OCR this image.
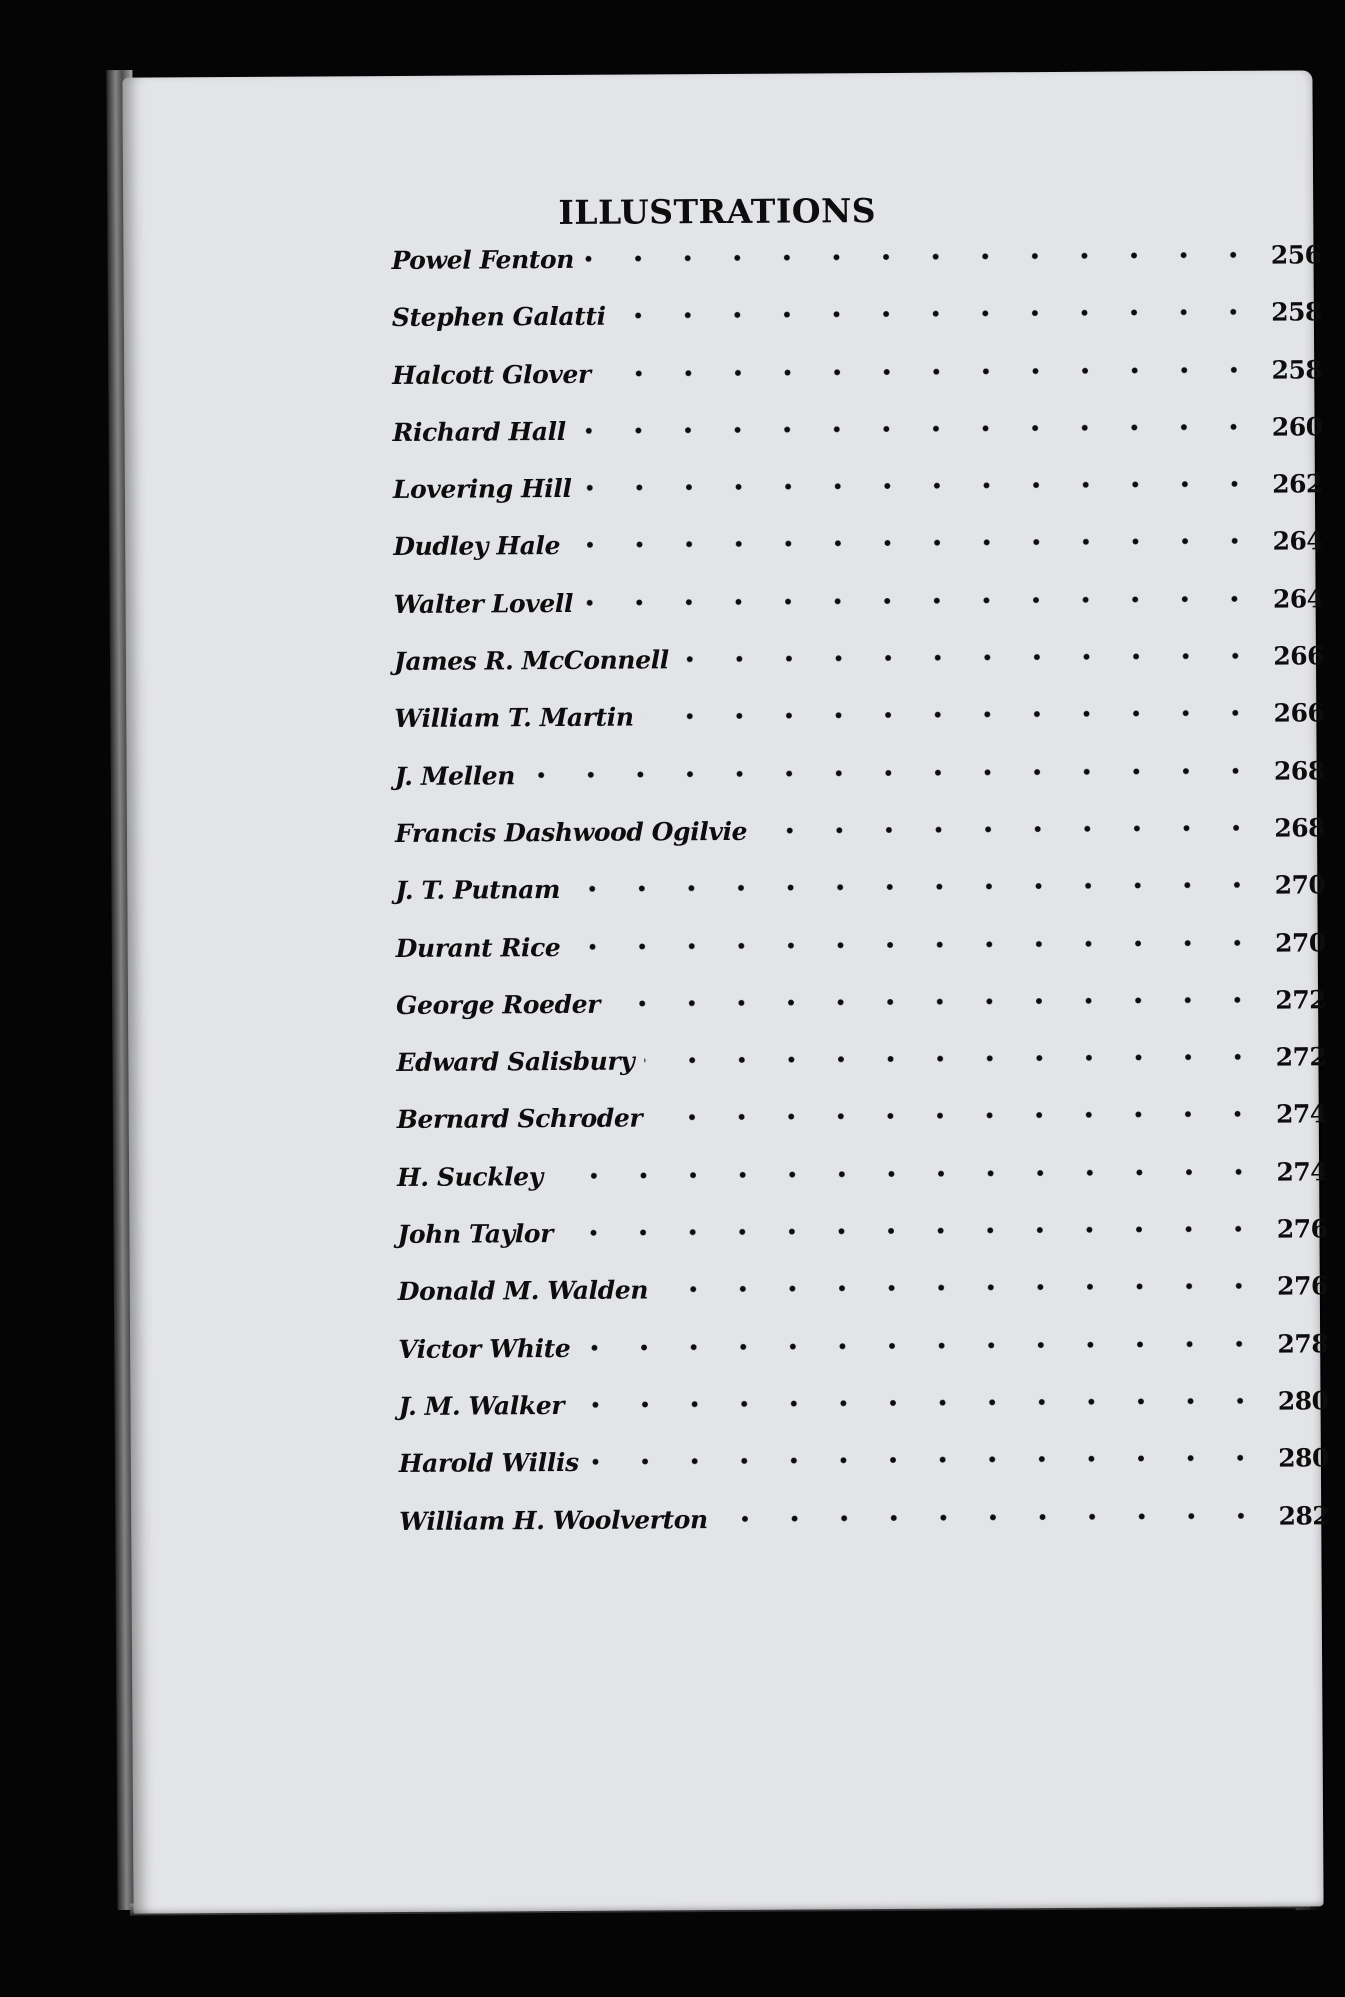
ILLUSTRATIONS
Powel Fenton	256
Stephen Galatti	258
Halcott Glover	258
Richard Hall	260
Lovering Hill	262
Dudley Hale	264
Walter Lovell	264
James R. McConnell	266
William T. Martin	266
J. Mellen	268
Francis Dashwood Ogilvie	268
J. T. Putnam	270
Durant Rice	270
George Roeder	272
Edward Salisbury	272
Bernard Schroder	274
H. Suckley	274
John Taylor	276
Donald M. Walden	276
Victor White	278
J. M. Walker	280
Harold Willis	280
William H. Woolverton	282
